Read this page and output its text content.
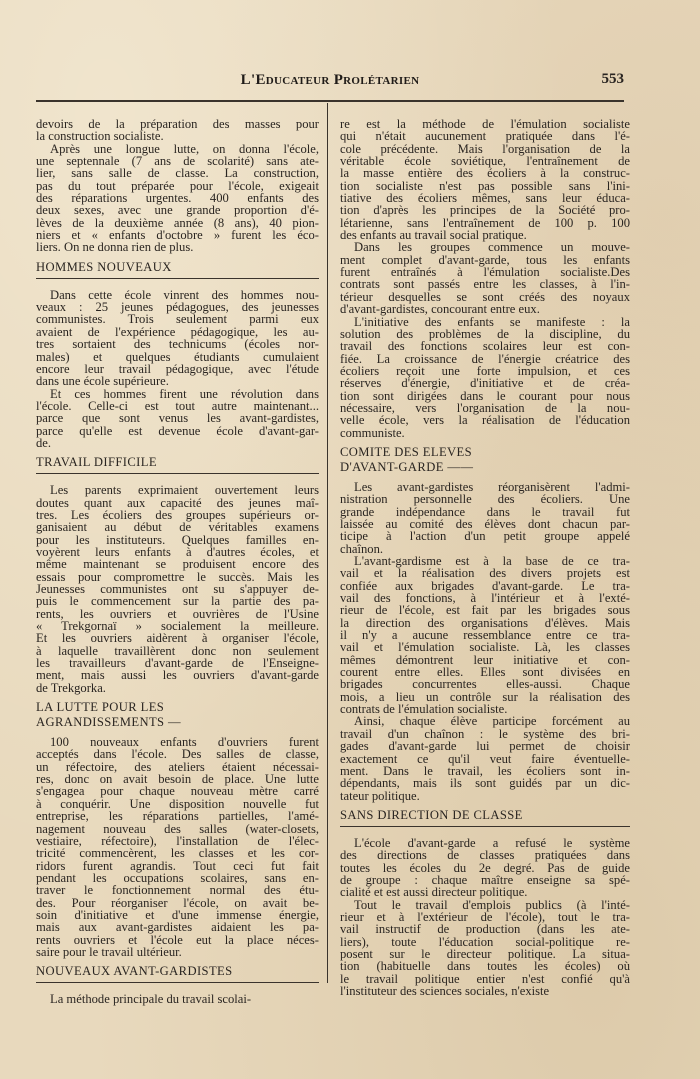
L'Educateur Prolétarien	553
devoirs de la préparation des masses pour
la construction socialiste.
Après une longue lutte, on donna l'école,
une septennale (7 ans de scolarité) sans ate-
lier, sans salle de classe. La construction,
pas du tout préparée pour l'école, exigeait
des réparations urgentes. 400 enfants des
deux sexes, avec une grande proportion d'é-
lèves de la deuxième année (8 ans), 40 pion-
niers et « enfants d'octobre » furent les éco-
liers. On ne donna rien de plus.
HOMMES NOUVEAUX
Dans cette école vinrent des hommes nou-
veaux : 25 jeunes pédagogues, des jeunesses
communistes. Trois seulement parmi eux
avaient de l'expérience pédagogique, les au-
tres sortaient des technicums (écoles nor-
males) et quelques étudiants cumulaient
encore leur travail pédagogique, avec l'étude
dans une école supérieure.
Et ces hommes firent une révolution dans
l'école. Celle-ci est tout autre maintenant...
parce que sont venus les avant-gardistes,
parce qu'elle est devenue école d'avant-gar-
de.
TRAVAIL DIFFICILE
Les parents exprimaient ouvertement leurs
doutes quant aux capacité des jeunes maî-
tres. Les écoliers des groupes supérieurs or-
ganisaient au début de véritables examens
pour les instituteurs. Quelques familles en-
voyèrent leurs enfants à d'autres écoles, et
même maintenant se produisent encore des
essais pour compromettre le succès. Mais les
Jeunesses communistes ont su s'appuyer de-
puis le commencement sur la partie des pa-
rents, les ouvriers et ouvrières de l'Usine
« Trekgornaï » socialement la meilleure.
Et les ouvriers aidèrent à organiser l'école,
à laquelle travaillèrent donc non seulement
les travailleurs d'avant-garde de l'Enseigne-
ment, mais aussi les ouvriers d'avant-garde
de Trekgorka.
LA LUTTE POUR LES
AGRANDISSEMENTS —
100 nouveaux enfants d'ouvriers furent
acceptés dans l'école. Des salles de classe,
un réfectoire, des ateliers étaient nécessai-
res, donc on avait besoin de place. Une lutte
s'engagea pour chaque nouveau mètre carré
à conquérir. Une disposition nouvelle fut
entreprise, les réparations partielles, l'amé-
nagement nouveau des salles (water-closets,
vestiaire, réfectoire), l'installation de l'élec-
tricité commencèrent, les classes et les cor-
ridors furent agrandis. Tout ceci fut fait
pendant les occupations scolaires, sans en-
traver le fonctionnement normal des étu-
des. Pour réorganiser l'école, on avait be-
soin d'initiative et d'une immense énergie,
mais aux avant-gardistes aidaient les pa-
rents ouvriers et l'école eut la place néces-
saire pour le travail ultérieur.
NOUVEAUX AVANT-GARDISTES
La méthode principale du travail scolai-
re est la méthode de l'émulation socialiste
qui n'était aucunement pratiquée dans l'é-
cole précédente. Mais l'organisation de la
véritable école soviétique, l'entraînement de
la masse entière des écoliers à la construc-
tion socialiste n'est pas possible sans l'ini-
tiative des écoliers mêmes, sans leur éduca-
tion d'après les principes de la Société pro-
létarienne, sans l'entraînement de 100 p. 100
des enfants au travail social pratique.
Dans les groupes commence un mouve-
ment complet d'avant-garde, tous les enfants
furent entraînés à l'émulation socialiste.Des
contrats sont passés entre les classes, à l'in-
térieur desquelles se sont créés des noyaux
d'avant-gardistes, concourant entre eux.
L'initiative des enfants se manifeste : la
solution des problèmes de la discipline, du
travail des fonctions scolaires leur est con-
fiée. La croissance de l'énergie créatrice des
écoliers reçoit une forte impulsion, et ces
réserves d'énergie, d'initiative et de créa-
tion sont dirigées dans le courant pour nous
nécessaire, vers l'organisation de la nou-
velle école, vers la réalisation de l'éducation
communiste.
COMITE DES ELEVES
D'AVANT-GARDE ——
Les avant-gardistes réorganisèrent l'admi-
nistration personnelle des écoliers. Une
grande indépendance dans le travail fut
laissée au comité des élèves dont chacun par-
ticipe à l'action d'un petit groupe appelé
chaînon.
L'avant-gardisme est à la base de ce tra-
vail et la réalisation des divers projets est
confiée aux brigades d'avant-garde. Le tra-
vail des fonctions, à l'intérieur et à l'exté-
rieur de l'école, est fait par les brigades sous
la direction des organisations d'élèves. Mais
il n'y a aucune ressemblance entre ce tra-
vail et l'émulation socialiste. Là, les classes
mêmes démontrent leur initiative et con-
courent entre elles. Elles sont divisées en
brigades concurrentes elles-aussi. Chaque
mois, a lieu un contrôle sur la réalisation des
contrats de l'émulation socialiste.
Ainsi, chaque élève participe forcément au
travail d'un chaînon : le système des bri-
gades d'avant-garde lui permet de choisir
exactement ce qu'il veut faire éventuelle-
ment. Dans le travail, les écoliers sont in-
dépendants, mais ils sont guidés par un dic-
tateur politique.
SANS DIRECTION DE CLASSE
L'école d'avant-garde a refusé le système
des directions de classes pratiquées dans
toutes les écoles du 2e degré. Pas de guide
de groupe : chaque maître enseigne sa spé-
cialité et est aussi directeur politique.
Tout le travail d'emplois publics (à l'inté-
rieur et à l'extérieur de l'école), tout le tra-
vail instructif de production (dans les ate-
liers), toute l'éducation social-politique re-
posent sur le directeur politique. La situa-
tion (habituelle dans toutes les écoles) où
le travail politique entier n'est confié qu'à
l'instituteur des sciences sociales, n'existe
